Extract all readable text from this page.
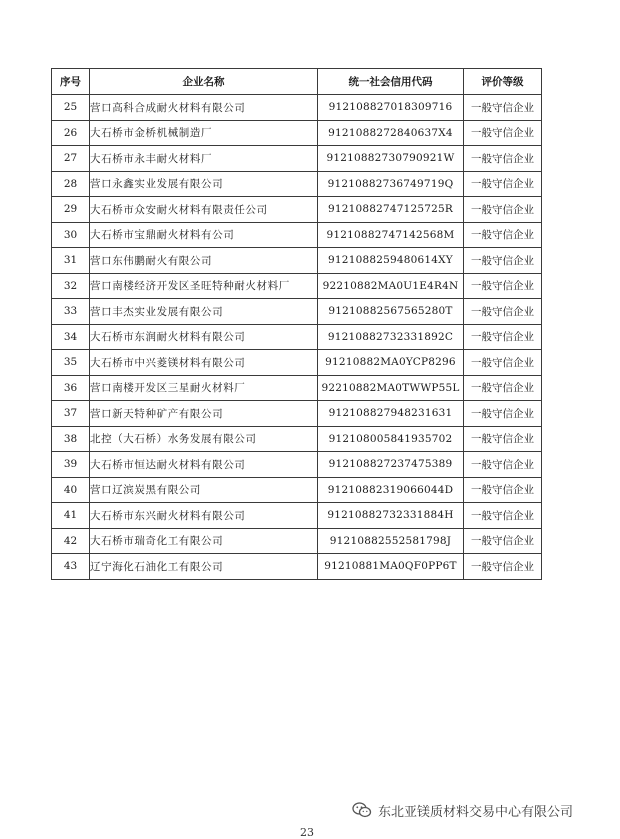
序号	企业名称	统一社会信用代码	评价等级
25	营口高科合成耐火材料有限公司	912108827018309716	一般守信企业
26	大石桥市金桥机械制造厂	9121088272840637X4	一般守信企业
27	大石桥市永丰耐火材料厂	91210882730790921W	一般守信企业
28	营口永鑫实业发展有限公司	91210882736749719Q	一般守信企业
29	大石桥市众安耐火材料有限责任公司	91210882747125725R	一般守信企业
30	大石桥市宝鼎耐火材料有公司	91210882747142568M	一般守信企业
31	营口东伟鹏耐火有限公司	9121088259480614XY	一般守信企业
32	营口南楼经济开发区圣旺特种耐火材料厂	92210882MA0U1E4R4N	一般守信企业
33	营口丰杰实业发展有限公司	91210882567565280T	一般守信企业
34	大石桥市东润耐火材料有限公司	91210882732331892C	一般守信企业
35	大石桥市中兴菱镁材料有限公司	91210882MA0YCP8296	一般守信企业
36	营口南楼开发区三星耐火材料厂	92210882MA0TWWP55L	一般守信企业
37	营口新天特种矿产有限公司	912108827948231631	一般守信企业
38	北控（大石桥）水务发展有限公司	912108005841935702	一般守信企业
39	大石桥市恒达耐火材料有限公司	912108827237475389	一般守信企业
40	营口辽滨炭黑有限公司	91210882319066044D	一般守信企业
41	大石桥市东兴耐火材料有限公司	91210882732331884H	一般守信企业
42	大石桥市瑞奇化工有限公司	91210882552581798J	一般守信企业
43	辽宁海化石油化工有限公司	91210881MA0QF0PP6T	一般守信企业
东北亚镁质材料交易中心有限公司
23
